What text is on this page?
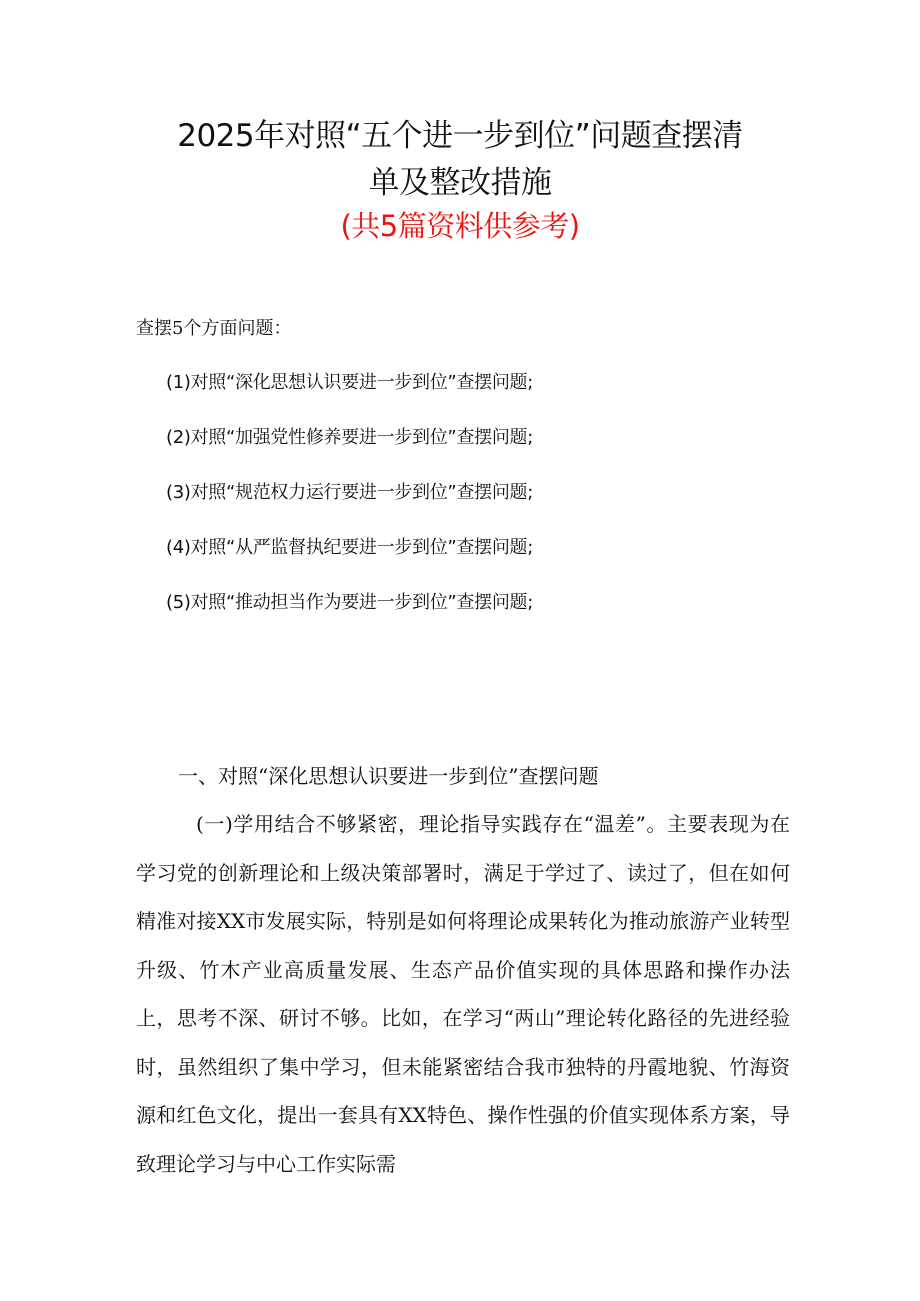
2025年对照“五个进一步到位”问题查摆清
单及整改措施
(共5篇资料供参考)
查摆5个方面问题：
(1)对照“深化思想认识要进一步到位”查摆问题;
(2)对照“加强党性修养要进一步到位”查摆问题;
(3)对照“规范权力运行要进一步到位”查摆问题;
(4)对照“从严监督执纪要进一步到位”查摆问题;
(5)对照“推动担当作为要进一步到位”查摆问题;
一、对照“深化思想认识要进一步到位”查摆问题

(一)学用结合不够紧密，理论指导实践存在“温差”。主要表现为在学习党的创新理论和上级决策部署时，满足于学过了、读过了，但在如何精准对接XX市发展实际，特别是如何将理论成果转化为推动旅游产业转型升级、竹木产业高质量发展、生态产品价值实现的具体思路和操作办法上，思考不深、研讨不够。比如，在学习“两山”理论转化路径的先进经验时，虽然组织了集中学习，但未能紧密结合我市独特的丹霞地貌、竹海资源和红色文化，提出一套具有XX特色、操作性强的价值实现体系方案，导致理论学习与中心工作实际需
